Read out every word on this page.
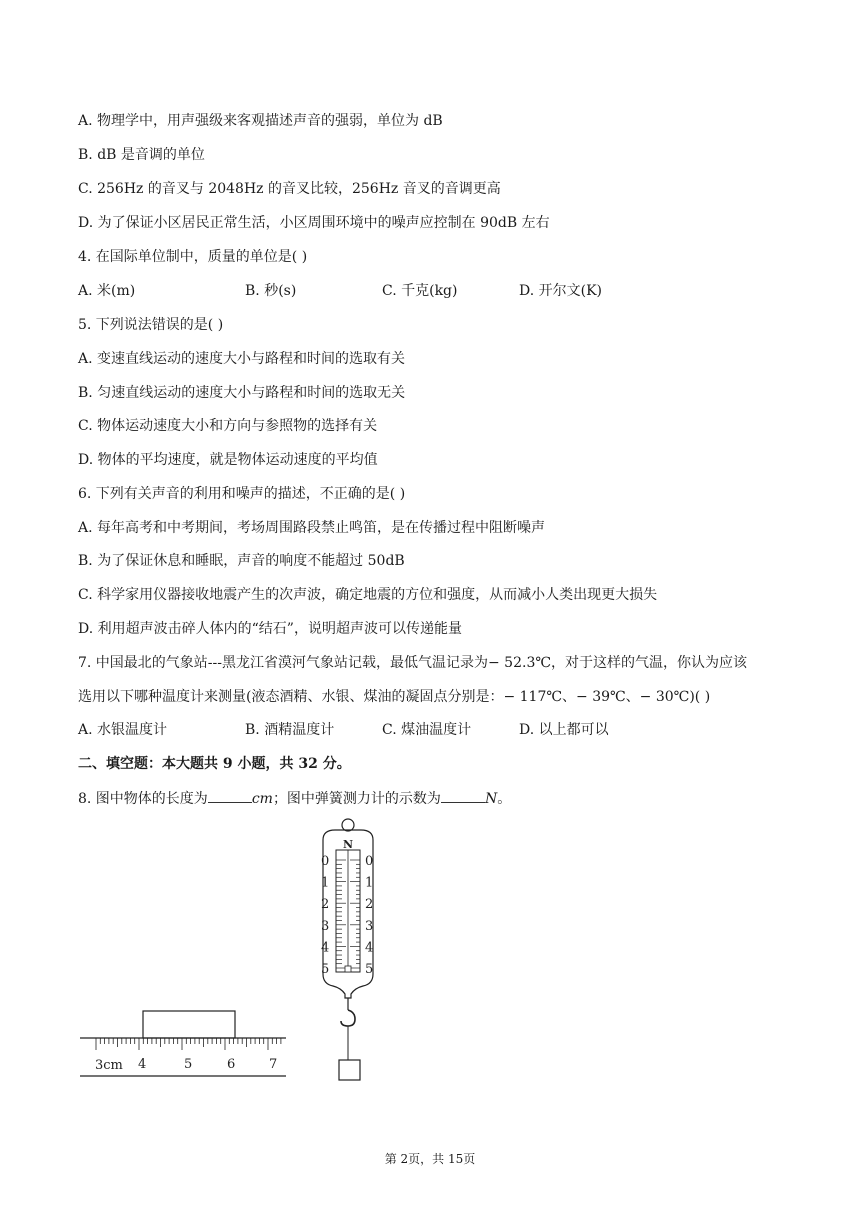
A. 物理学中，用声强级来客观描述声音的强弱，单位为 dB
B. dB 是音调的单位
C. 256Hz 的音叉与 2048Hz 的音叉比较，256Hz 音叉的音调更高
D. 为了保证小区居民正常生活，小区周围环境中的噪声应控制在 90dB 左右
4. 在国际单位制中，质量的单位是( )
A. 米(m)	B. 秒(s)	C. 千克(kg)	D. 开尔文(K)
5. 下列说法错误的是( )
A. 变速直线运动的速度大小与路程和时间的选取有关
B. 匀速直线运动的速度大小与路程和时间的选取无关
C. 物体运动速度大小和方向与参照物的选择有关
D. 物体的平均速度，就是物体运动速度的平均值
6. 下列有关声音的利用和噪声的描述，不正确的是( )
A. 每年高考和中考期间，考场周围路段禁止鸣笛，是在传播过程中阻断噪声
B. 为了保证休息和睡眠，声音的响度不能超过 50dB
C. 科学家用仪器接收地震产生的次声波，确定地震的方位和强度，从而减小人类出现更大损失
D. 利用超声波击碎人体内的“结石”，说明超声波可以传递能量
7. 中国最北的气象站---黑龙江省漠河气象站记载，最低气温记录为− 52.3℃，对于这样的气温，你认为应该
选用以下哪种温度计来测量(液态酒精、水银、煤油的凝固点分别是：− 117℃、− 39℃、− 30℃)( )
A. 水银温度计	B. 酒精温度计	C. 煤油温度计	D. 以上都可以
二、填空题：本大题共 9 小题，共 32 分。
8. 图中物体的长度为	cm；图中弹簧测力计的示数为	N。
3cm 4	5	6	7
N
0	0
1	1
2	2
3	3
4	4
5	5
第 2页，共 15页
